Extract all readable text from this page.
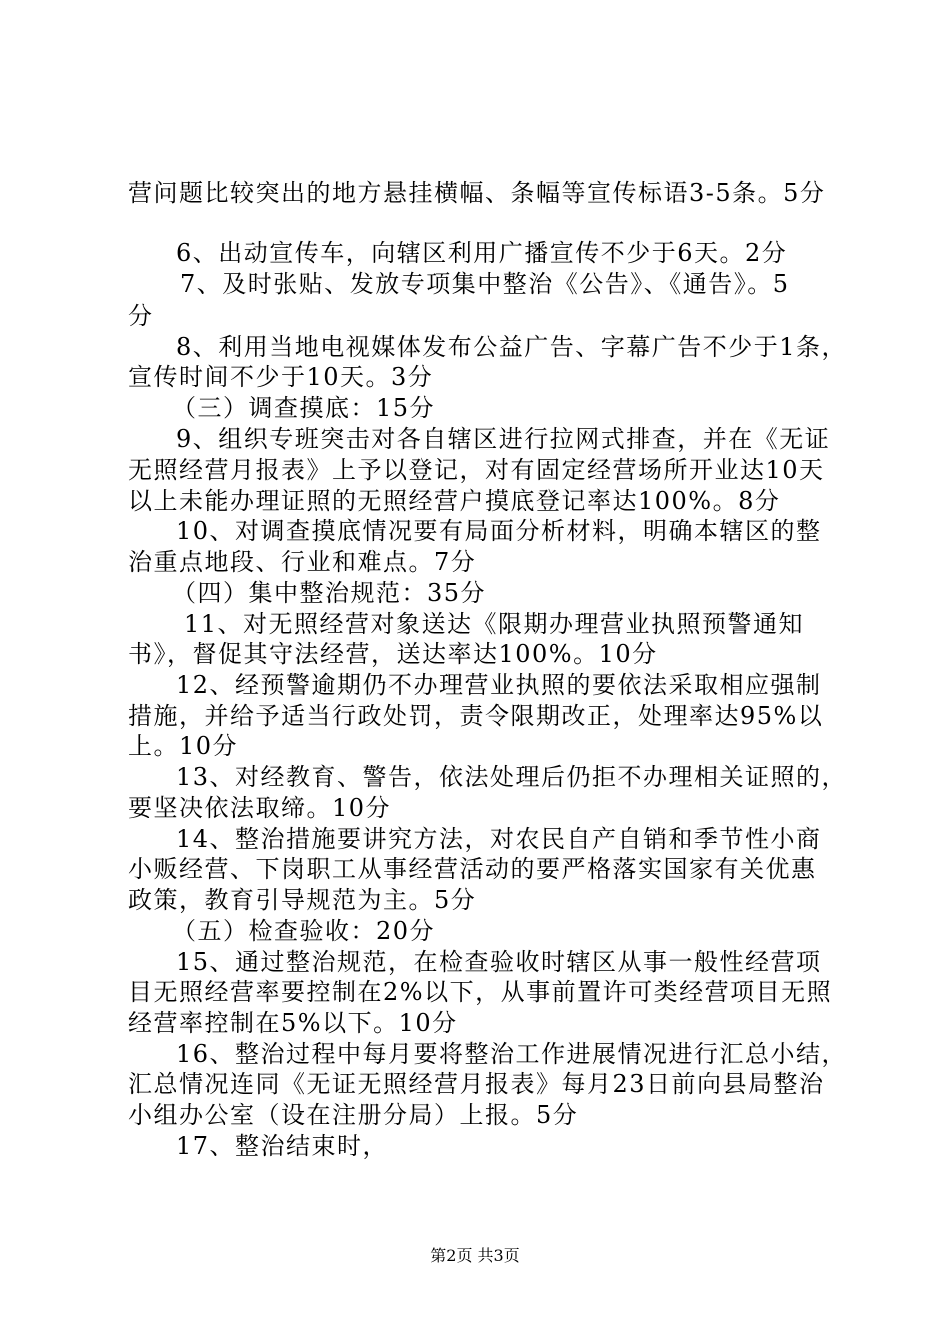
营问题比较突出的地方悬挂横幅、条幅等宣传标语3-5条。5分
6、出动宣传车，向辖区利用广播宣传不少于6天。2分
7、及时张贴、发放专项集中整治《公告》、《通告》。5
分
8、利用当地电视媒体发布公益广告、字幕广告不少于1条，
宣传时间不少于10天。3分
（三）调查摸底：15分
9、组织专班突击对各自辖区进行拉网式排查，并在《无证
无照经营月报表》上予以登记，对有固定经营场所开业达10天
以上未能办理证照的无照经营户摸底登记率达100%。8分
10、对调查摸底情况要有局面分析材料，明确本辖区的整
治重点地段、行业和难点。7分
（四）集中整治规范：35分
11、对无照经营对象送达《限期办理营业执照预警通知
书》，督促其守法经营，送达率达100%。10分
12、经预警逾期仍不办理营业执照的要依法采取相应强制
措施，并给予适当行政处罚，责令限期改正，处理率达95%以
上。10分
13、对经教育、警告，依法处理后仍拒不办理相关证照的，
要坚决依法取缔。10分
14、整治措施要讲究方法，对农民自产自销和季节性小商
小贩经营、下岗职工从事经营活动的要严格落实国家有关优惠
政策，教育引导规范为主。5分
（五）检查验收：20分
15、通过整治规范，在检查验收时辖区从事一般性经营项
目无照经营率要控制在2%以下，从事前置许可类经营项目无照
经营率控制在5%以下。10分
16、整治过程中每月要将整治工作进展情况进行汇总小结，
汇总情况连同《无证无照经营月报表》每月23日前向县局整治
小组办公室（设在注册分局）上报。5分
17、整治结束时，
第2页 共3页
